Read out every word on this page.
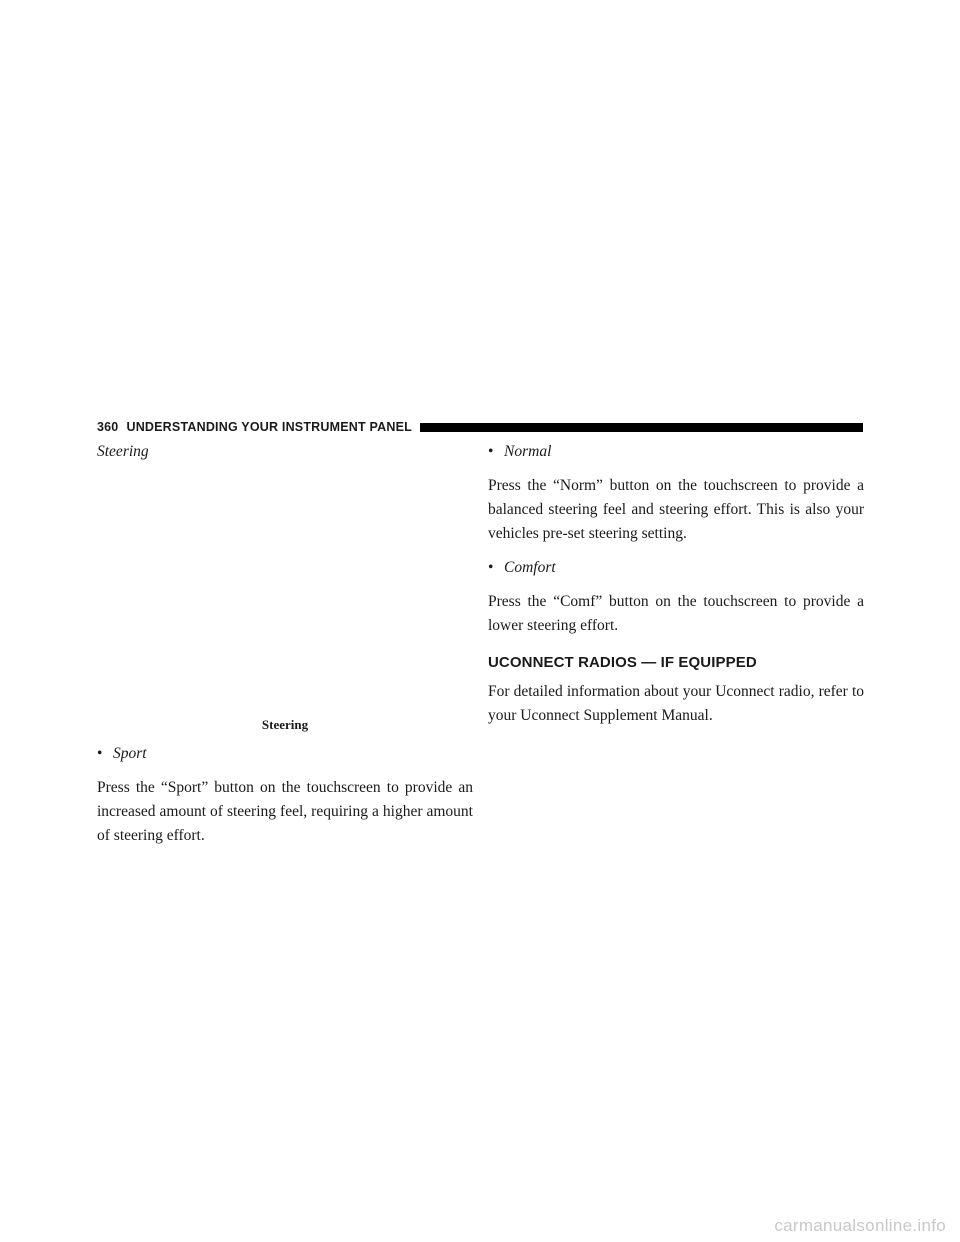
360 UNDERSTANDING YOUR INSTRUMENT PANEL

Steering

Steering

• Sport

Press the “Sport” button on the touchscreen to provide an increased amount of steering feel, requiring a higher amount of steering effort.

• Normal

Press the “Norm” button on the touchscreen to provide a balanced steering feel and steering effort. This is also your vehicles pre-set steering setting.

• Comfort

Press the “Comf” button on the touchscreen to provide a lower steering effort.

UCONNECT RADIOS — IF EQUIPPED

For detailed information about your Uconnect radio, refer to your Uconnect Supplement Manual.

carmanualsonline.info
